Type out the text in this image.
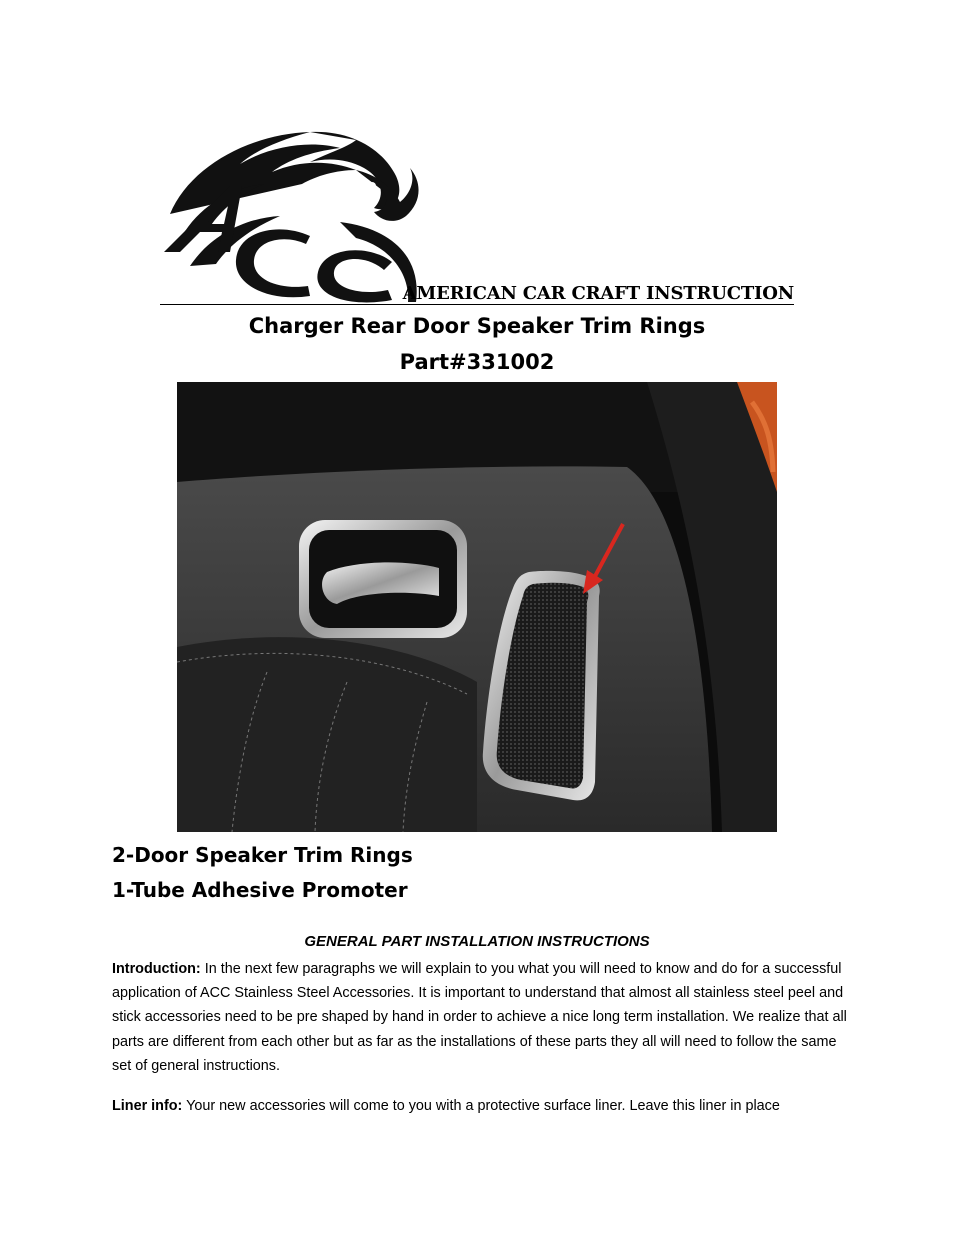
AMERICAN CAR CRAFT INSTRUCTION
Charger Rear Door Speaker Trim Rings
Part#331002
2-Door Speaker Trim Rings
1-Tube Adhesive Promoter
GENERAL PART INSTALLATION INSTRUCTIONS

Introduction: In the next few paragraphs we will explain to you what you will need to know and do for a successful application of ACC Stainless Steel Accessories. It is important to understand that almost all stainless steel peel and stick accessories need to be pre shaped by hand in order to achieve a nice long term installation. We realize that all parts are different from each other but as far as the installations of these parts they all will need to follow the same set of general instructions.

Liner info: Your new accessories will come to you with a protective surface liner. Leave this liner in place
